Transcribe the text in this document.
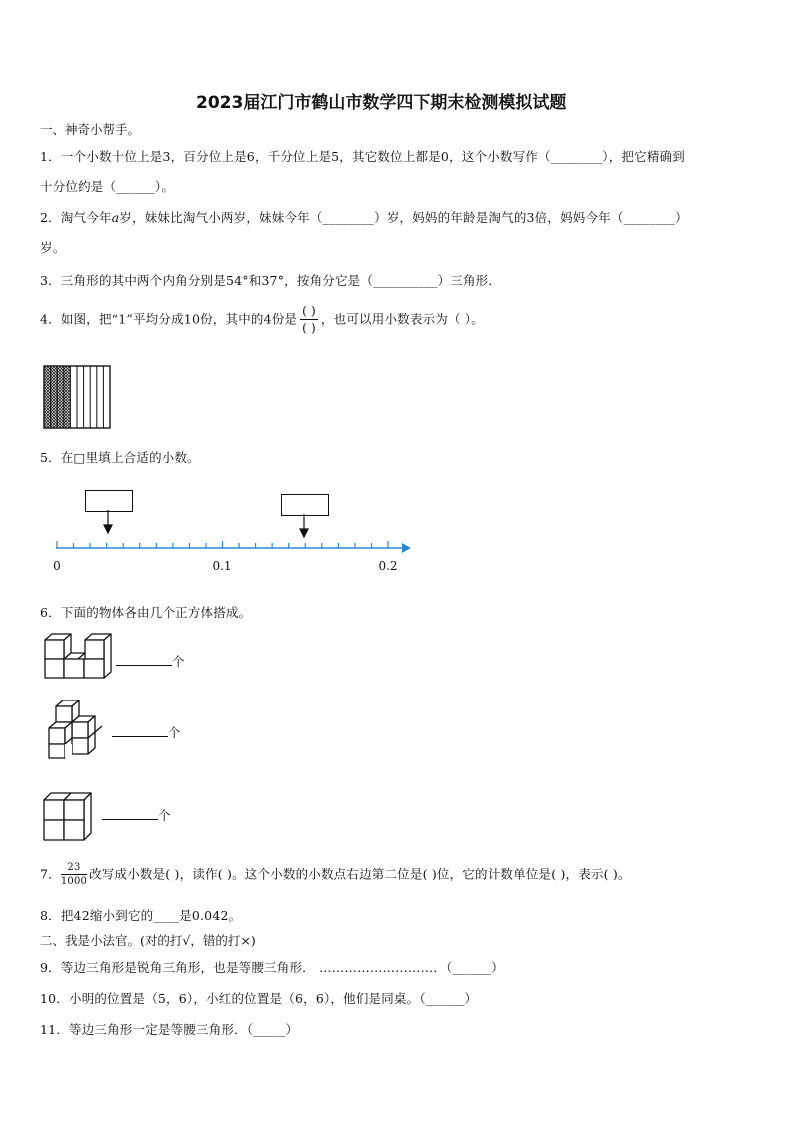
2023届江门市鹤山市数学四下期末检测模拟试题
一、神奇小帮手。
1．一个小数十位上是3，百分位上是6，千分位上是5，其它数位上都是0，这个小数写作（________），把它精确到
十分位约是（______）。
2．淘气今年a岁，妹妹比淘气小两岁，妹妹今年（________）岁，妈妈的年龄是淘气的3倍，妈妈今年（________）
岁。
3．三角形的其中两个内角分别是54°和37°，按角分它是（__________）三角形．
4．如图，把“1”平均分成10份，其中的4份是 $\frac{( )}{( )}$ ，也可以用小数表示为（ ）。
5．在□里填上合适的小数。
0	0.1	0.2
6．下面的物体各由几个正方体搭成。
个
个
个
7． $\frac{23}{1000}$ 改写成小数是( )，读作( )。这个小数的小数点右边第二位是( )位，它的计数单位是( )，表示( )。
8．把42缩小到它的____是0.042。
二、我是小法官。(对的打√，错的打×)
9．等边三角形是锐角三角形，也是等腰三角形． ………………………．（______）
10．小明的位置是（5，6），小红的位置是（6，6），他们是同桌。（______）
11．等边三角形一定是等腰三角形．（_____）
